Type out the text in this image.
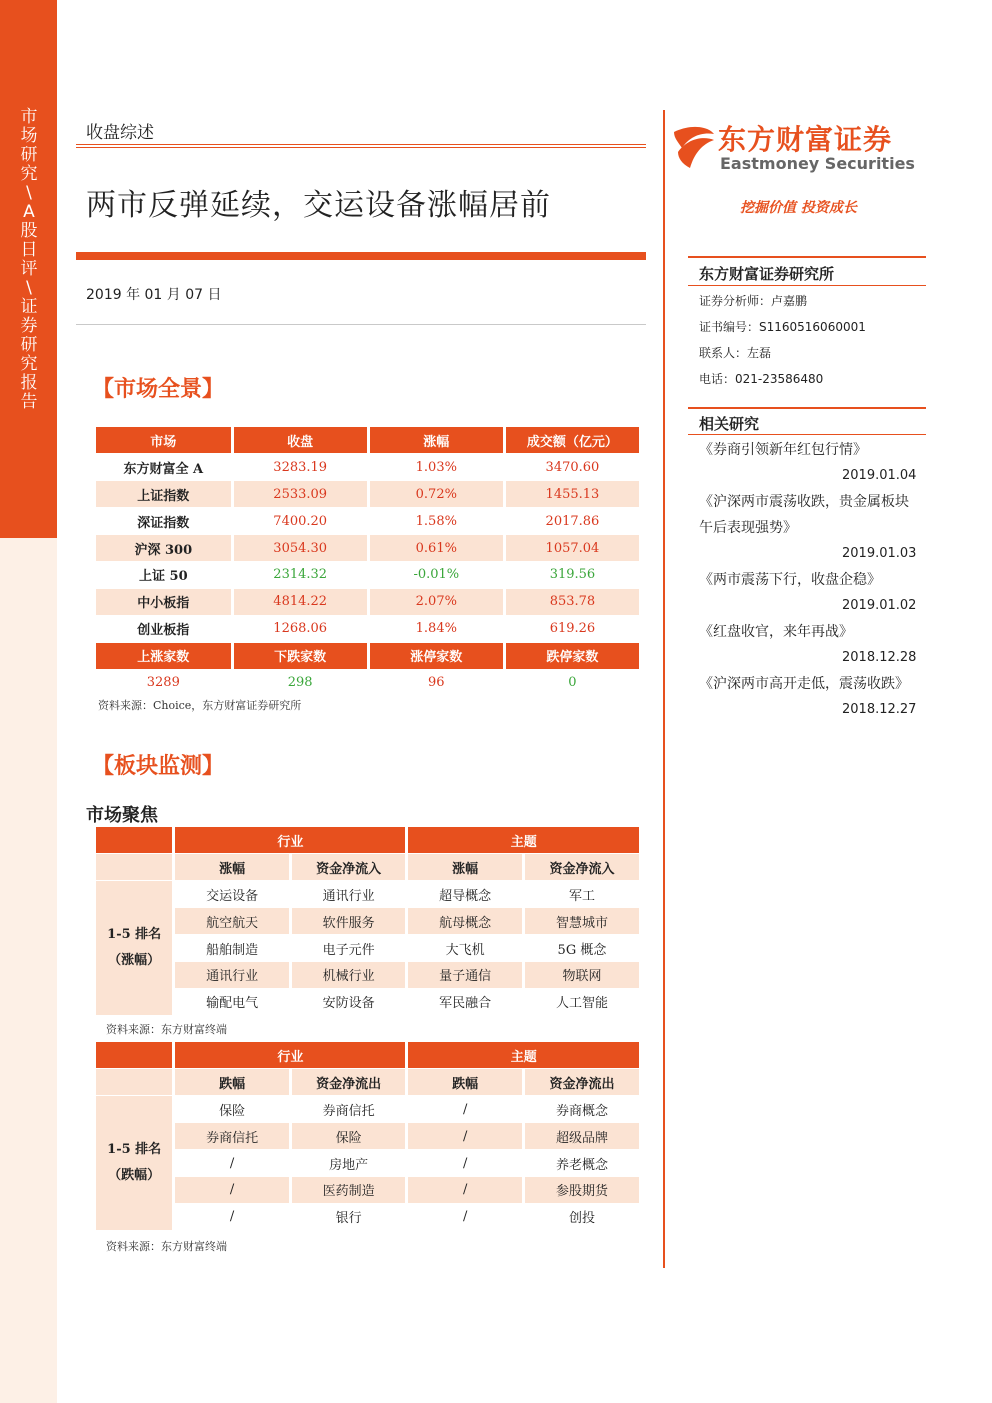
市
场
研
究
\
A
股
日
评
\
证
券
研
究
报
告
收盘综述
两市反弹延续，交运设备涨幅居前
2019 年 01 月 07 日
【市场全景】
市场	收盘	涨幅	成交额（亿元）
东方财富全 A	3283.19	1.03%	3470.60
上证指数	2533.09	0.72%	1455.13
深证指数	7400.20	1.58%	2017.86
沪深 300	3054.30	0.61%	1057.04
上证 50	2314.32	-0.01%	319.56
中小板指	4814.22	2.07%	853.78
创业板指	1268.06	1.84%	619.26
上涨家数	下跌家数	涨停家数	跌停家数
3289	298	96	0
资料来源：Choice，东方财富证券研究所
【板块监测】
市场聚焦
	行业		主题	
	涨幅	资金净流入	涨幅	资金净流入

1-5 排名
（涨幅）	交运设备	通讯行业	超导概念	军工
	航空航天	软件服务	航母概念	智慧城市
	船舶制造	电子元件	大飞机	5G 概念
	通讯行业	机械行业	量子通信	物联网
	输配电气	安防设备	军民融合	人工智能
资料来源：东方财富终端
	行业		主题	
	跌幅	资金净流出	跌幅	资金净流出

1-5 排名
（跌幅）	保险	券商信托	/	券商概念
	券商信托	保险	/	超级品牌
	/	房地产	/	养老概念
	/	医药制造	/	参股期货
	/	银行	/	创投
资料来源：东方财富终端
东方财富证券
Eastmoney Securities
挖掘价值 投资成长
东方财富证券研究所
证券分析师：卢嘉鹏
证书编号：S1160516060001
联系人：左磊
电话：021-23586480
相关研究
《券商引领新年红包行情》
2019.01.04
《沪深两市震荡收跌，贵金属板块
午后表现强势》
2019.01.03
《两市震荡下行，收盘企稳》
2019.01.02
《红盘收官，来年再战》
2018.12.28
《沪深两市高开走低，震荡收跌》
2018.12.27
